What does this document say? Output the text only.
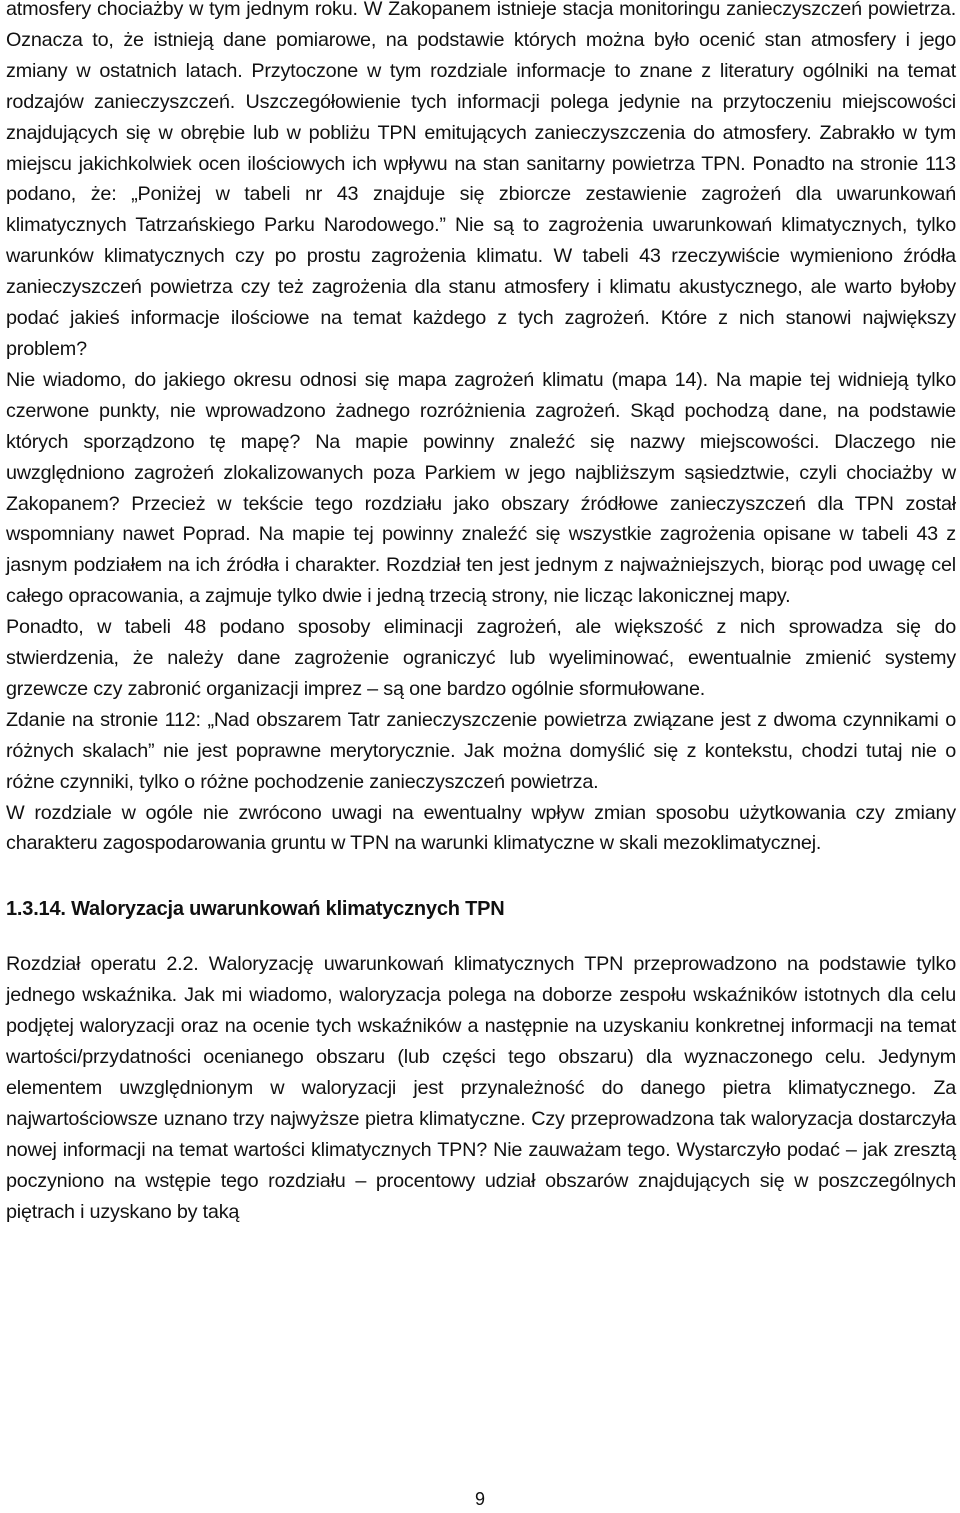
atmosfery chociażby w tym jednym roku. W Zakopanem istnieje stacja monitoringu zanieczyszczeń powietrza. Oznacza to, że istnieją dane pomiarowe, na podstawie których można było ocenić stan atmosfery i jego zmiany w ostatnich latach. Przytoczone w tym rozdziale informacje to znane z literatury ogólniki na temat rodzajów zanieczyszczeń. Uszczegółowienie tych informacji polega jedynie na przytoczeniu miejscowości znajdujących się w obrębie lub w pobliżu TPN emitujących zanieczyszczenia do atmosfery. Zabrakło w tym miejscu jakichkolwiek ocen ilościowych ich wpływu na stan sanitarny powietrza TPN. Ponadto na stronie 113 podano, że: „Poniżej w tabeli nr 43 znajduje się zbiorcze zestawienie zagrożeń dla uwarunkowań klimatycznych Tatrzańskiego Parku Narodowego.” Nie są to zagrożenia uwarunkowań klimatycznych, tylko warunków klimatycznych czy po prostu zagrożenia klimatu. W tabeli 43 rzeczywiście wymieniono źródła zanieczyszczeń powietrza czy też zagrożenia dla stanu atmosfery i klimatu akustycznego, ale warto byłoby podać jakieś informacje ilościowe na temat każdego z tych zagrożeń. Które z nich stanowi największy problem?

Nie wiadomo, do jakiego okresu odnosi się mapa zagrożeń klimatu (mapa 14). Na mapie tej widnieją tylko czerwone punkty, nie wprowadzono żadnego rozróżnienia zagrożeń. Skąd pochodzą dane, na podstawie których sporządzono tę mapę? Na mapie powinny znaleźć się nazwy miejscowości. Dlaczego nie uwzględniono zagrożeń zlokalizowanych poza Parkiem w jego najbliższym sąsiedztwie, czyli chociażby w Zakopanem? Przecież w tekście tego rozdziału jako obszary źródłowe zanieczyszczeń dla TPN został wspomniany nawet Poprad. Na mapie tej powinny znaleźć się wszystkie zagrożenia opisane w tabeli 43 z jasnym podziałem na ich źródła i charakter. Rozdział ten jest jednym z najważniejszych, biorąc pod uwagę cel całego opracowania, a zajmuje tylko dwie i jedną trzecią strony, nie licząc lakonicznej mapy.

Ponadto, w tabeli 48 podano sposoby eliminacji zagrożeń, ale większość z nich sprowadza się do stwierdzenia, że należy dane zagrożenie ograniczyć lub wyeliminować, ewentualnie zmienić systemy grzewcze czy zabronić organizacji imprez – są one bardzo ogólnie sformułowane.

Zdanie na stronie 112: „Nad obszarem Tatr zanieczyszczenie powietrza związane jest z dwoma czynnikami o różnych skalach” nie jest poprawne merytorycznie. Jak można domyślić się z kontekstu, chodzi tutaj nie o różne czynniki, tylko o różne pochodzenie zanieczyszczeń powietrza.

W rozdziale w ogóle nie zwrócono uwagi na ewentualny wpływ zmian sposobu użytkowania czy zmiany charakteru zagospodarowania gruntu w TPN na warunki klimatyczne w skali mezoklimatycznej.

1.3.14. Waloryzacja uwarunkowań klimatycznych TPN

Rozdział operatu 2.2. Waloryzację uwarunkowań klimatycznych TPN przeprowadzono na podstawie tylko jednego wskaźnika. Jak mi wiadomo, waloryzacja polega na doborze zespołu wskaźników istotnych dla celu podjętej waloryzacji oraz na ocenie tych wskaźników a następnie na uzyskaniu konkretnej informacji na temat wartości/przydatności ocenianego obszaru (lub części tego obszaru) dla wyznaczonego celu. Jedynym elementem uwzględnionym w waloryzacji jest przynależność do danego pietra klimatycznego. Za najwartościowsze uznano trzy najwyższe pietra klimatyczne. Czy przeprowadzona tak waloryzacja dostarczyła nowej informacji na temat wartości klimatycznych TPN? Nie zauważam tego. Wystarczyło podać – jak zresztą poczyniono na wstępie tego rozdziału – procentowy udział obszarów znajdujących się w poszczególnych piętrach i uzyskano by taką

9
